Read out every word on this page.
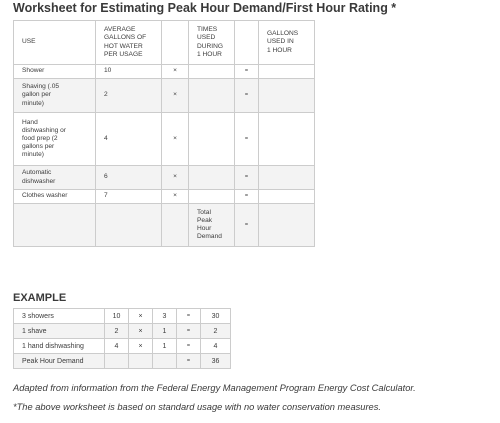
Worksheet for Estimating Peak Hour Demand/First Hour Rating *
USE	AVERAGE
GALLONS OF
HOT WATER
PER USAGE		TIMES
USED
DURING
1 HOUR		GALLONS
USED IN
1 HOUR
Shower	10	×		=	
Shaving (.05
gallon per
minute)	2	×		=	
Hand
dishwashing or
food prep (2
gallons per
minute)	4	×		=	
Automatic
dishwasher	6	×		=	
Clothes washer	7	×		=	
			Total
Peak
Hour
Demand	=	
EXAMPLE
3 showers	10	×	3	=	30
1 shave	2	×	1	=	2
1 hand dishwashing	4	×	1	=	4
Peak Hour Demand				=	36
Adapted from information from the Federal Energy Management Program Energy Cost Calculator.
*The above worksheet is based on standard usage with no water conservation measures.
